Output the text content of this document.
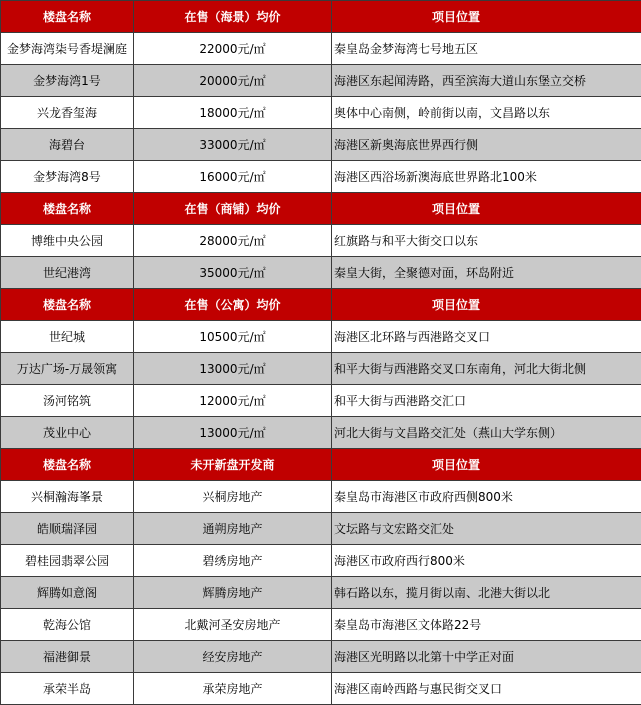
楼盘名称	在售（海景）均价	项目位置
金梦海湾柒号香堤澜庭	22000元/㎡	秦皇岛金梦海湾七号地五区
金梦海湾1号	20000元/㎡	海港区东起闻涛路，西至滨海大道山东堡立交桥
兴龙香玺海	18000元/㎡	奥体中心南侧，岭前街以南，文昌路以东
海碧台	33000元/㎡	海港区新奥海底世界西行侧
金梦海湾8号	16000元/㎡	海港区西浴场新澳海底世界路北100米
楼盘名称	在售（商铺）均价	项目位置
博维中央公园	28000元/㎡	红旗路与和平大街交口以东
世纪港湾	35000元/㎡	秦皇大街，全聚德对面，环岛附近
楼盘名称	在售（公寓）均价	项目位置
世纪城	10500元/㎡	海港区北环路与西港路交叉口
万达广场-万晟领寓	13000元/㎡	和平大街与西港路交叉口东南角，河北大街北侧
汤河铭筑	12000元/㎡	和平大街与西港路交汇口
茂业中心	13000元/㎡	河北大街与文昌路交汇处（燕山大学东侧）
楼盘名称	未开新盘开发商	项目位置
兴桐瀚海峯景	兴桐房地产	秦皇岛市海港区市政府西侧800米
皓顺瑞泽园	通朔房地产	文坛路与文宏路交汇处
碧桂园翡翠公园	碧绣房地产	海港区市政府西行800米
辉腾如意阁	辉腾房地产	韩石路以东，揽月街以南、北港大街以北
乾海公馆	北戴河圣安房地产	秦皇岛市海港区文体路22号
福港御景	经安房地产	海港区光明路以北第十中学正对面
承荣半岛	承荣房地产	海港区南岭西路与惠民街交叉口
